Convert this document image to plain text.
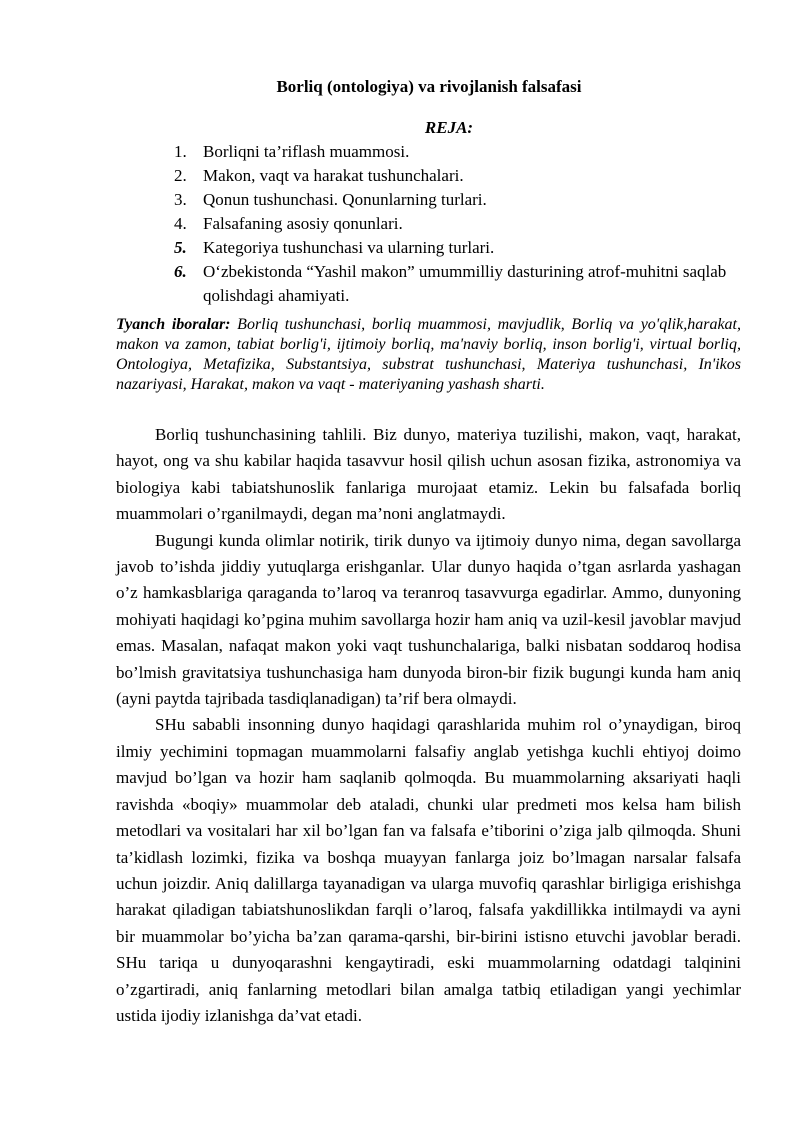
Borliq (ontologiya) va rivojlanish falsafasi
REJA:
1. Borliqni ta’riflash muammosi.
2. Makon, vaqt va harakat tushunchalari.
3. Qonun tushunchasi. Qonunlarning turlari.
4. Falsafaning asosiy qonunlari.
5. Kategoriya tushunchasi va ularning turlari.
6. O‘zbekistonda “Yashil makon” umummilliy dasturining atrof-muhitni saqlab qolishdagi ahamiyati.

Tyanch iboralar: Borliq tushunchasi, borliq muammosi, mavjudlik, Borliq va yo'qlik,harakat, makon va zamon, tabiat borlig'i, ijtimoiy borliq, ma'naviy borliq, inson borlig'i, virtual borliq, Ontologiya, Metafizika, Substantsiya, substrat tushunchasi, Materiya tushunchasi, In'ikos nazariyasi, Harakat, makon va vaqt - materiyaning yashash sharti.

Borliq tushunchasining tahlili. Biz dunyo, materiya tuzilishi, makon, vaqt, harakat, hayot, ong va shu kabilar haqida tasavvur hosil qilish uchun asosan fizika, astronomiya va biologiya kabi tabiatshunoslik fanlariga murojaat etamiz. Lekin bu falsafada borliq muammolari o’rganilmaydi, degan ma’noni anglatmaydi.

Bugungi kunda olimlar notirik, tirik dunyo va ijtimoiy dunyo nima, degan savollarga javob to’ishda jiddiy yutuqlarga erishganlar. Ular dunyo haqida o’tgan asrlarda yashagan o’z hamkasblariga qaraganda to’laroq va teranroq tasavvurga egadirlar. Ammo, dunyoning mohiyati haqidagi ko’pgina muhim savollarga hozir ham aniq va uzil-kesil javoblar mavjud emas. Masalan, nafaqat makon yoki vaqt tushunchalariga, balki nisbatan soddaroq hodisa bo’lmish gravitatsiya tushunchasiga ham dunyoda biron-bir fizik bugungi kunda ham aniq (ayni paytda tajribada tasdiqlanadigan) ta’rif bera olmaydi.

SHu sababli insonning dunyo haqidagi qarashlarida muhim rol o’ynaydigan, biroq ilmiy yechimini topmagan muammolarni falsafiy anglab yetishga kuchli ehtiyoj doimo mavjud bo’lgan va hozir ham saqlanib qolmoqda. Bu muammolarning aksariyati haqli ravishda «boqiy» muammolar deb ataladi, chunki ular predmeti mos kelsa ham bilish metodlari va vositalari har xil bo’lgan fan va falsafa e’tiborini o’ziga jalb qilmoqda. Shuni ta’kidlash lozimki, fizika va boshqa muayyan fanlarga joiz bo’lmagan narsalar falsafa uchun joizdir. Aniq dalillarga tayanadigan va ularga muvofiq qarashlar birligiga erishishga harakat qiladigan tabiatshunoslikdan farqli o’laroq, falsafa yakdillikka intilmaydi va ayni bir muammolar bo’yicha ba’zan qarama-qarshi, bir-birini istisno etuvchi javoblar beradi. SHu tariqa u dunyoqarashni kengaytiradi, eski muammolarning odatdagi talqinini o’zgartiradi, aniq fanlarning metodlari bilan amalga tatbiq etiladigan yangi yechimlar ustida ijodiy izlanishga da’vat etadi.
